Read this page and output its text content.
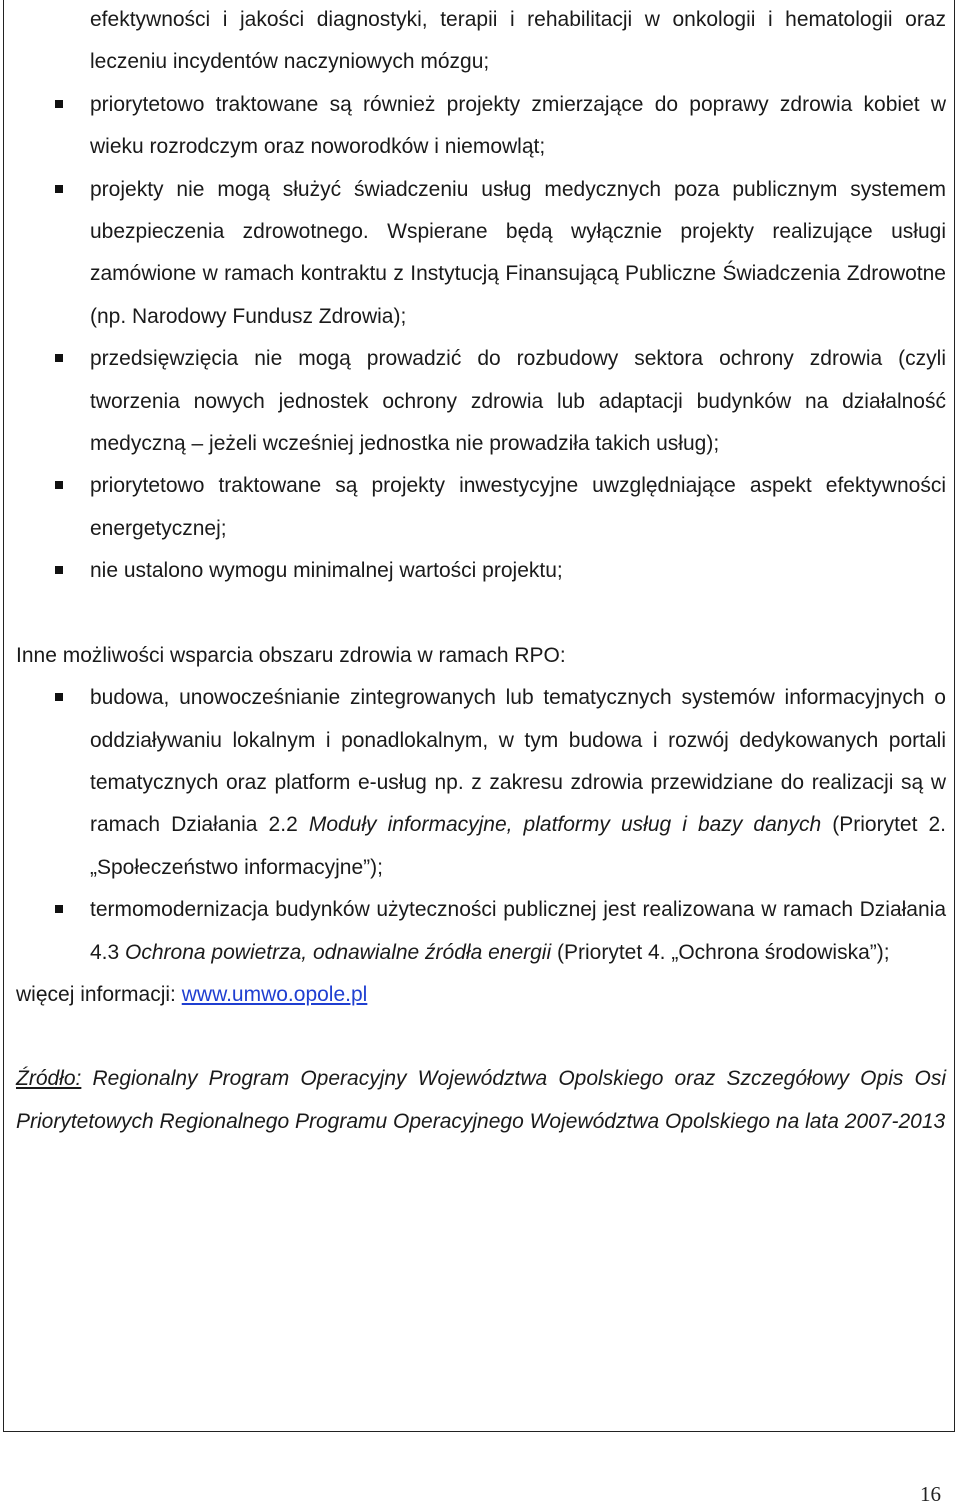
efektywności i jakości diagnostyki, terapii i rehabilitacji w onkologii i hematologii oraz leczeniu incydentów naczyniowych mózgu;
priorytetowo traktowane są również projekty zmierzające do poprawy zdrowia kobiet w wieku rozrodczym oraz noworodków i niemowląt;
projekty nie mogą służyć świadczeniu usług medycznych poza publicznym systemem ubezpieczenia zdrowotnego. Wspierane będą wyłącznie projekty realizujące usługi zamówione w ramach kontraktu z Instytucją Finansującą Publiczne Świadczenia Zdrowotne (np. Narodowy Fundusz Zdrowia);
przedsięwzięcia nie mogą prowadzić do rozbudowy sektora ochrony zdrowia (czyli tworzenia nowych jednostek ochrony zdrowia lub adaptacji budynków na działalność medyczną – jeżeli wcześniej jednostka nie prowadziła takich usług);
priorytetowo traktowane są projekty inwestycyjne uwzględniające aspekt efektywności energetycznej;
nie ustalono wymogu minimalnej wartości projektu;
Inne możliwości wsparcia obszaru zdrowia w ramach RPO:
budowa, unowocześnianie zintegrowanych lub tematycznych systemów informacyjnych o oddziaływaniu lokalnym i ponadlokalnym, w tym budowa i rozwój dedykowanych portali tematycznych oraz platform e-usług np. z zakresu zdrowia przewidziane do realizacji są w ramach Działania 2.2 Moduły informacyjne, platformy usług i bazy danych (Priorytet 2. „Społeczeństwo informacyjne”);
termomodernizacja budynków użyteczności publicznej jest realizowana w ramach Działania 4.3 Ochrona powietrza, odnawialne źródła energii (Priorytet 4. „Ochrona środowiska”);
więcej informacji: www.umwo.opole.pl
Źródło: Regionalny Program Operacyjny Województwa Opolskiego oraz Szczegółowy Opis Osi Priorytetowych Regionalnego Programu Operacyjnego Województwa Opolskiego na lata 2007-2013
16
